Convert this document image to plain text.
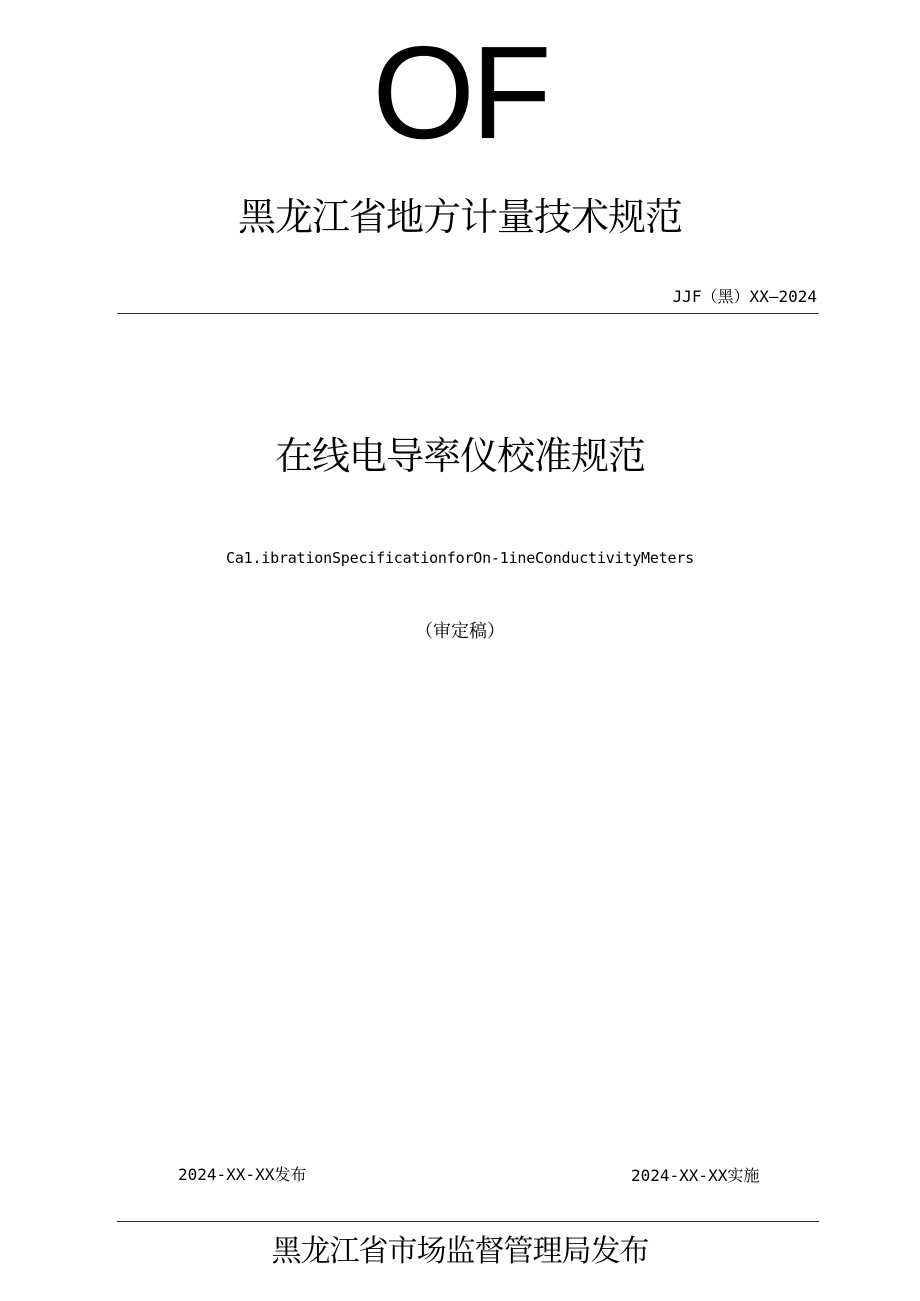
OF
黑龙江省地方计量技术规范
JJF（黑）XX—2024
在线电导率仪校准规范
Ca1.ibrationSpecificationforOn-1ineConductivityMeters
（审定稿）
2024-XX-XX发布	2024-XX-XX实施
黑龙江省市场监督管理局发布
